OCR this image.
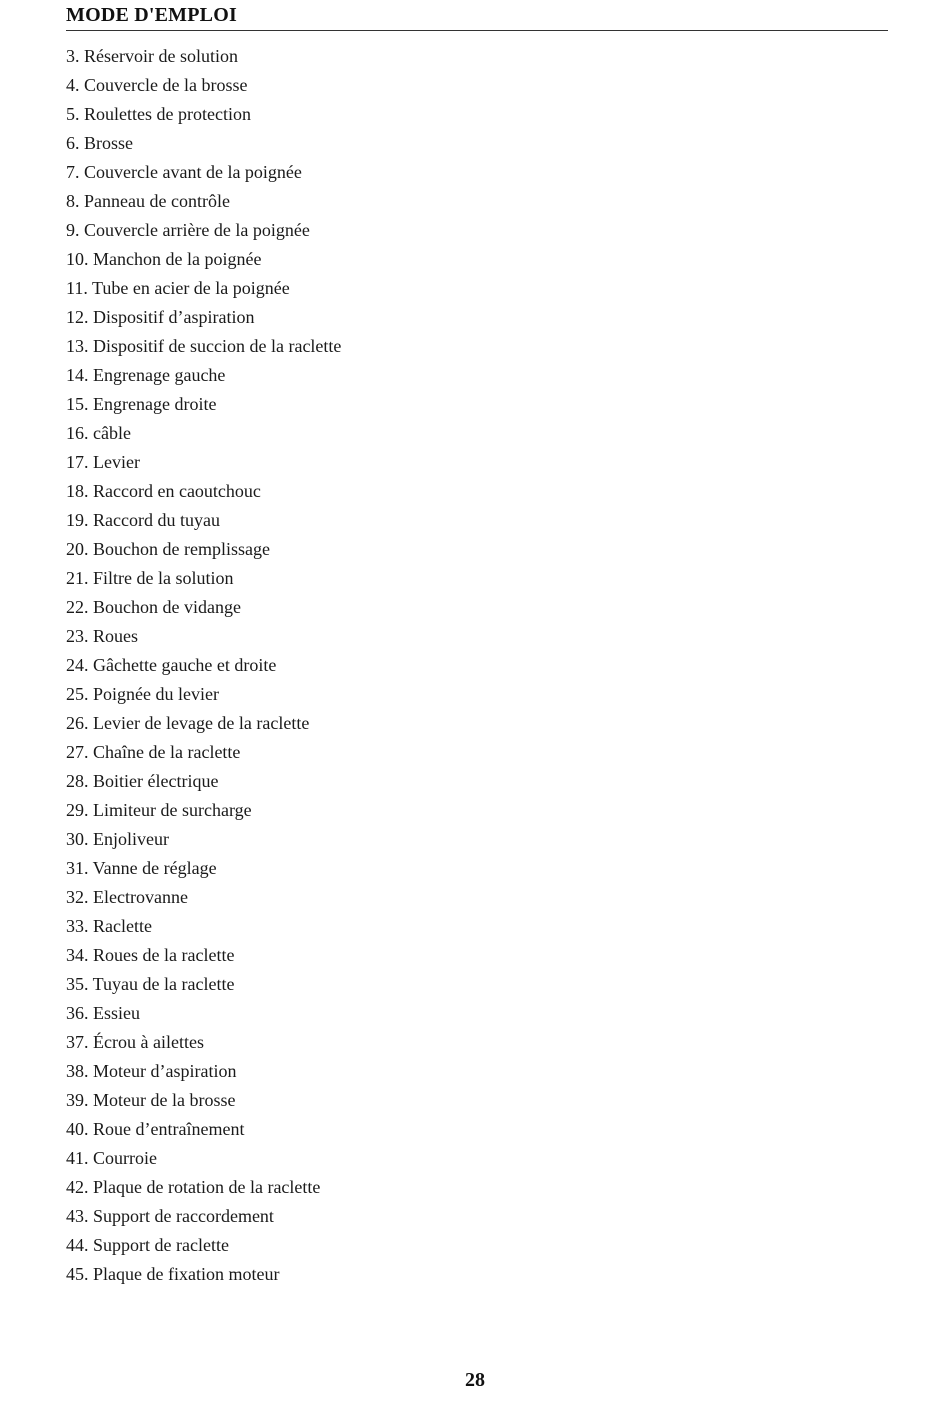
MODE D'EMPLOI
3. Réservoir de solution
4. Couvercle de la brosse
5. Roulettes de protection
6. Brosse
7. Couvercle avant de la poignée
8. Panneau de contrôle
9. Couvercle arrière de la poignée
10. Manchon de la poignée
11. Tube en acier de la poignée
12. Dispositif d’aspiration
13. Dispositif de succion de la raclette
14. Engrenage gauche
15. Engrenage droite
16. câble
17. Levier
18. Raccord en caoutchouc
19. Raccord du tuyau
20. Bouchon de remplissage
21. Filtre de la solution
22. Bouchon de vidange
23. Roues
24. Gâchette gauche et droite
25. Poignée du levier
26. Levier de levage de la raclette
27. Chaîne de la raclette
28. Boitier électrique
29. Limiteur de surcharge
30. Enjoliveur
31. Vanne de réglage
32. Electrovanne
33. Raclette
34. Roues de la raclette
35. Tuyau de la raclette
36. Essieu
37. Écrou à ailettes
38. Moteur d’aspiration
39. Moteur de la brosse
40. Roue d’entraînement
41. Courroie
42. Plaque de rotation de la raclette
43. Support de raccordement
44. Support de raclette
45. Plaque de fixation moteur
28
